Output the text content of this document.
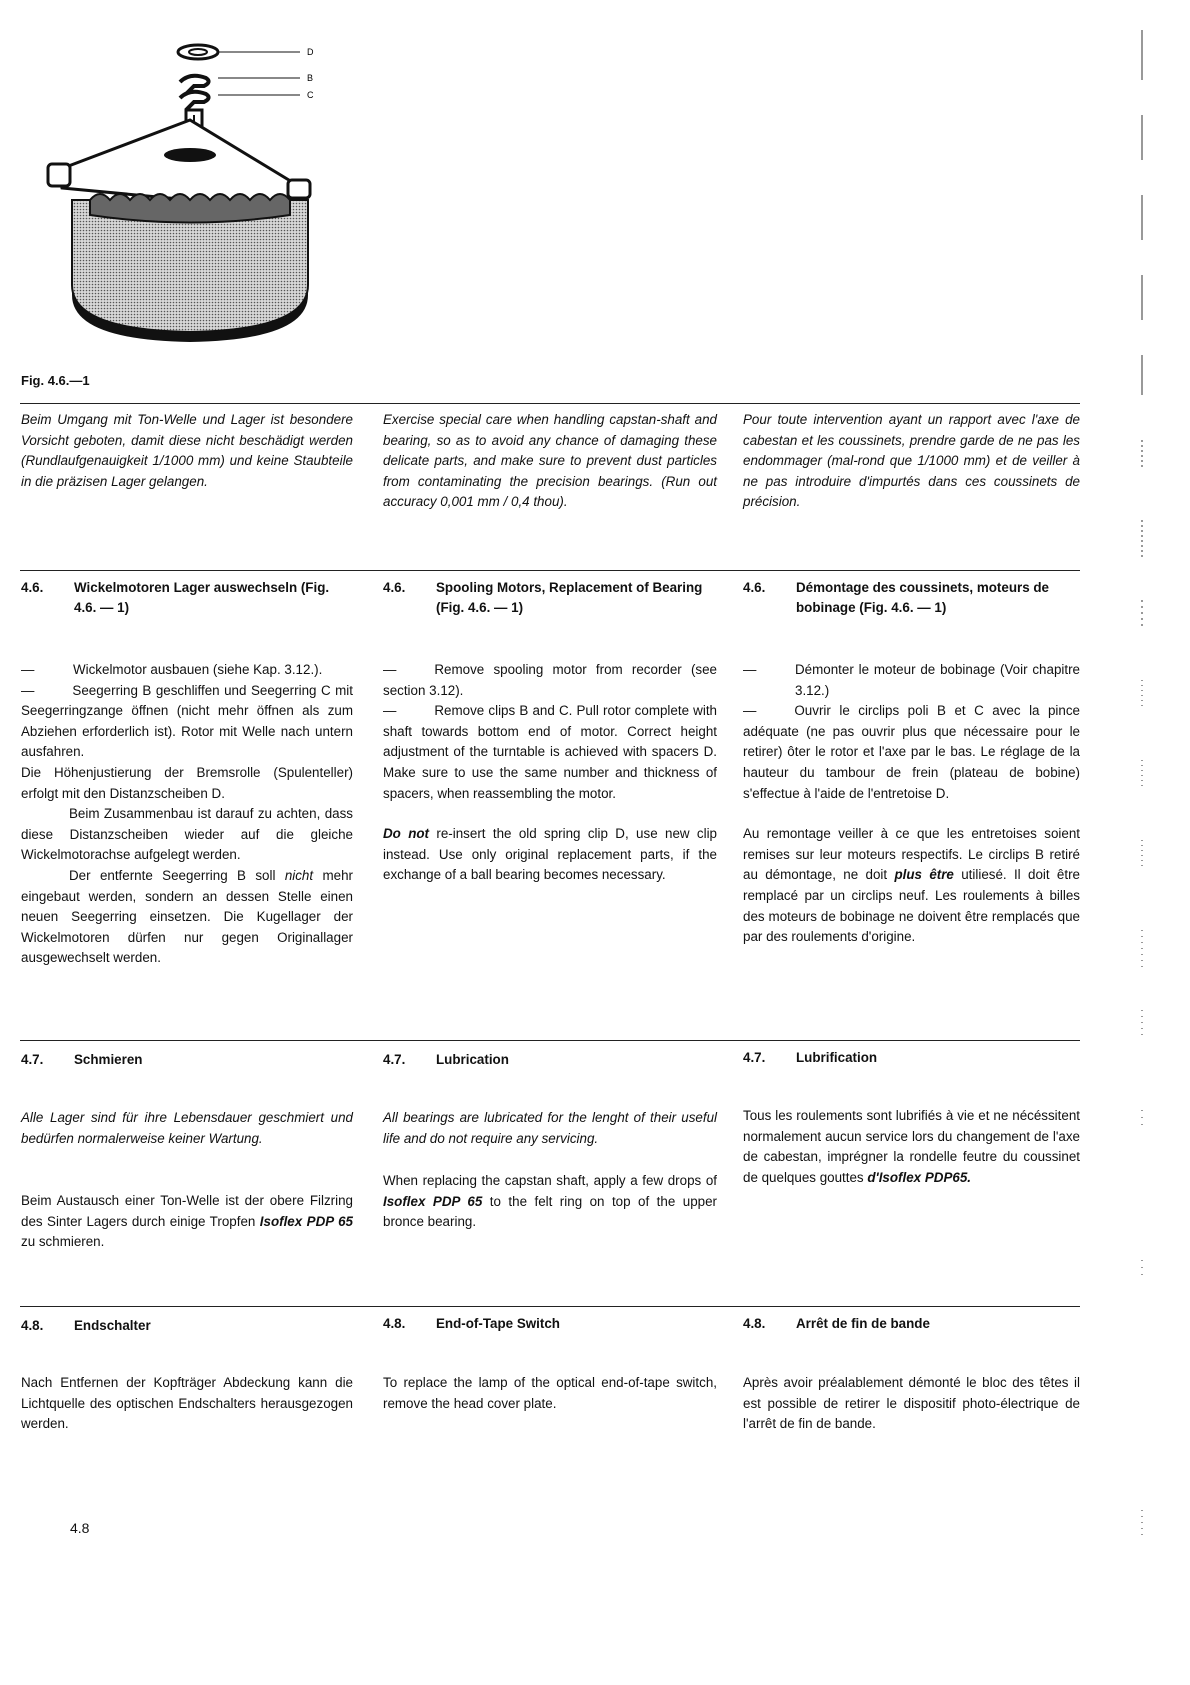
D
B
C
Fig. 4.6.—1
Beim Umgang mit Ton-Welle und Lager ist besondere Vorsicht geboten, damit diese nicht beschädigt werden (Rundlaufgenauigkeit 1/1000 mm) und keine Staubteile in die präzisen Lager gelangen.
Exercise special care when handling capstan-shaft and bearing, so as to avoid any chance of damaging these delicate parts, and make sure to prevent dust particles from contaminating the precision bearings. (Run out accuracy 0,001 mm / 0,4 thou).
Pour toute intervention ayant un rapport avec l'axe de cabestan et les coussinets, prendre garde de ne pas les endommager (mal-rond que 1/1000 mm) et de veiller à ne pas introduire d'impurtés dans ces coussinets de précision.
4.6.	Wickelmotoren Lager auswechseln (Fig. 4.6. — 1)
4.6.	Spooling Motors, Replacement of Bearing (Fig. 4.6. — 1)
4.6.	Démontage des coussinets, moteurs de bobinage (Fig. 4.6. — 1)
—	Wickelmotor ausbauen (siehe Kap. 3.12.).
—	Seegerring B geschliffen und Seegerring C mit Seegerringzange öffnen (nicht mehr öffnen als zum Abziehen erforderlich ist). Rotor mit Welle nach untern ausfahren.
Die Höhenjustierung der Bremsrolle (Spulenteller) erfolgt mit den Distanzscheiben D.
Beim Zusammenbau ist darauf zu achten, dass diese Distanzscheiben wieder auf die gleiche Wickelmotorachse aufgelegt werden.
Der entfernte Seegerring B soll nicht mehr eingebaut werden, sondern an dessen Stelle einen neuen Seegerring einsetzen. Die Kugellager der Wickelmotoren dürfen nur gegen Originallager ausgewechselt werden.
—	Remove spooling motor from recorder (see section 3.12).
—	Remove clips B and C. Pull rotor complete with shaft towards bottom end of motor. Correct height adjustment of the turntable is achieved with spacers D. Make sure to use the same number and thickness of spacers, when reassembling the motor.
Do not re-insert the old spring clip D, use new clip instead. Use only original replacement parts, if the exchange of a ball bearing becomes necessary.
—	Démonter le moteur de bobinage (Voir chapitre 3.12.)
—	Ouvrir le circlips poli B et C avec la pince adéquate (ne pas ouvrir plus que nécessaire pour le retirer) ôter le rotor et l'axe par le bas. Le réglage de la hauteur du tambour de frein (plateau de bobine) s'effectue à l'aide de l'entretoise D.
Au remontage veiller à ce que les entretoises soient remises sur leur moteurs respectifs. Le circlips B retiré au démontage, ne doit plus être utiliesé. Il doit être remplacé par un circlips neuf. Les roulements à billes des moteurs de bobinage ne doivent être remplacés que par des roulements d'origine.
4.7.	Schmieren	4.7.	Lubrication	4.7.	Lubrification
Alle Lager sind für ihre Lebensdauer geschmiert und bedürfen normalerweise keiner Wartung.
Beim Austausch einer Ton-Welle ist der obere Filzring des Sinter Lagers durch einige Tropfen Isoflex PDP 65 zu schmieren.
All bearings are lubricated for the lenght of their useful life and do not require any servicing.
When replacing the capstan shaft, apply a few drops of Isoflex PDP 65 to the felt ring on top of the upper bronce bearing.
Tous les roulements sont lubrifiés à vie et ne nécéssitent normalement aucun service lors du changement de l'axe de cabestan, imprégner la rondelle feutre du coussinet de quelques gouttes d'Isoflex PDP65.
4.8.	Endschalter	4.8.	End-of-Tape Switch	4.8.	Arrêt de fin de bande
Nach Entfernen der Kopfträger Abdeckung kann die Lichtquelle des optischen Endschalters herausgezogen werden.
To replace the lamp of the optical end-of-tape switch, remove the head cover plate.
Après avoir préalablement démonté le bloc des têtes il est possible de retirer le dispositif photo-électrique de l'arrêt de fin de bande.
4.8
